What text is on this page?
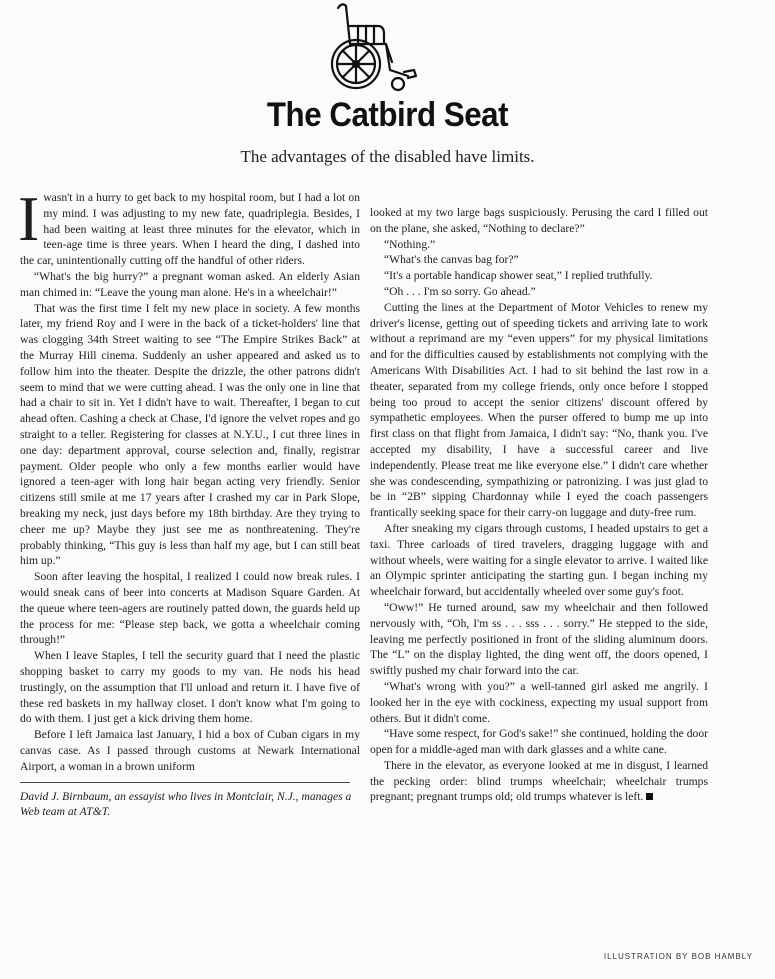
The Catbird Seat
The advantages of the disabled have limits.

Iwasn't in a hurry to get back to my hospital room, but I had a lot on my mind. I was adjusting to my new fate, quadriplegia. Besides, I had been waiting at least three minutes for the elevator, which in teen-age time is three years. When I heard the ding, I dashed into the car, unintentionally cutting off the handful of other riders.

“What's the big hurry?” a pregnant woman asked. An elderly Asian man chimed in: “Leave the young man alone. He's in a wheelchair!”

That was the first time I felt my new place in society. A few months later, my friend Roy and I were in the back of a ticket-holders' line that was clogging 34th Street waiting to see “The Empire Strikes Back” at the Murray Hill cinema. Suddenly an usher appeared and asked us to follow him into the theater. Despite the drizzle, the other patrons didn't seem to mind that we were cutting ahead. I was the only one in line that had a chair to sit in. Yet I didn't have to wait. Thereafter, I began to cut ahead often. Cashing a check at Chase, I'd ignore the velvet ropes and go straight to a teller. Registering for classes at N.Y.U., I cut three lines in one day: department approval, course selection and, finally, registrar payment. Older people who only a few months earlier would have ignored a teen-ager with long hair began acting very friendly. Senior citizens still smile at me 17 years after I crashed my car in Park Slope, breaking my neck, just days before my 18th birthday. Are they trying to cheer me up? Maybe they just see me as nonthreatening. They're probably thinking, “This guy is less than half my age, but I can still beat him up.”

Soon after leaving the hospital, I realized I could now break rules. I would sneak cans of beer into concerts at Madison Square Garden. At the queue where teen-agers are routinely patted down, the guards held up the process for me: “Please step back, we gotta a wheelchair coming through!”

When I leave Staples, I tell the security guard that I need the plastic shopping basket to carry my goods to my van. He nods his head trustingly, on the assumption that I'll unload and return it. I have five of these red baskets in my hallway closet. I don't know what I'm going to do with them. I just get a kick driving them home.

Before I left Jamaica last January, I hid a box of Cuban cigars in my canvas case. As I passed through customs at Newark International Airport, a woman in a brown uniform

David J. Birnbaum, an essayist who lives in Montclair, N.J., manages a Web team at AT&T.

looked at my two large bags suspiciously. Perusing the card I filled out on the plane, she asked, “Nothing to declare?”

“Nothing.”

“What's the canvas bag for?”

“It's a portable handicap shower seat,” I replied truthfully.

“Oh . . . I'm so sorry. Go ahead.”

Cutting the lines at the Department of Motor Vehicles to renew my driver's license, getting out of speeding tickets and arriving late to work without a reprimand are my “even uppers” for my physical limitations and for the difficulties caused by establishments not complying with the Americans With Disabilities Act. I had to sit behind the last row in a theater, separated from my college friends, only once before I stopped being too proud to accept the senior citizens' discount offered by sympathetic employees. When the purser offered to bump me up into first class on that flight from Jamaica, I didn't say: “No, thank you. I've accepted my disability, I have a successful career and live independently. Please treat me like everyone else.” I didn't care whether she was condescending, sympathizing or patronizing. I was just glad to be in “2B” sipping Chardonnay while I eyed the coach passengers frantically seeking space for their carry-on luggage and duty-free rum.

After sneaking my cigars through customs, I headed upstairs to get a taxi. Three carloads of tired travelers, dragging luggage with and without wheels, were waiting for a single elevator to arrive. I waited like an Olympic sprinter anticipating the starting gun. I began inching my wheelchair forward, but accidentally wheeled over some guy's foot.

“Oww!” He turned around, saw my wheelchair and then followed nervously with, “Oh, I'm ss . . . sss . . . sorry.” He stepped to the side, leaving me perfectly positioned in front of the sliding aluminum doors. The “L” on the display lighted, the ding went off, the doors opened, I swiftly pushed my chair forward into the car.

“What's wrong with you?” a well-tanned girl asked me angrily. I looked her in the eye with cockiness, expecting my usual support from others. But it didn't come.

“Have some respect, for God's sake!” she continued, holding the door open for a middle-aged man with dark glasses and a white cane.

There in the elevator, as everyone looked at me in disgust, I learned the pecking order: blind trumps wheelchair; wheelchair trumps pregnant; pregnant trumps old; old trumps whatever is left.

ILLUSTRATION BY BOB HAMBLY
